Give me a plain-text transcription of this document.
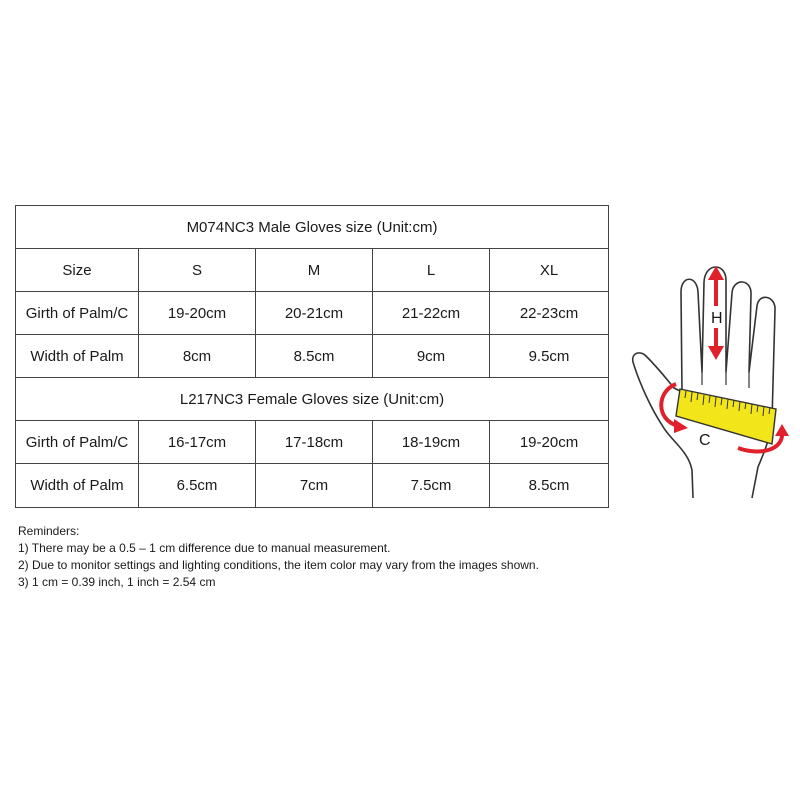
M074NC3 Male Gloves size (Unit:cm)				
Size	S	M	L	XL
Girth of Palm/C	19-20cm	20-21cm	21-22cm	22-23cm
Width of Palm	8cm	8.5cm	9cm	9.5cm
L217NC3 Female Gloves size (Unit:cm)				
Girth of Palm/C	16-17cm	17-18cm	18-19cm	19-20cm
Width of Palm	6.5cm	7cm	7.5cm	8.5cm
Reminders:
1) There may be a 0.5 – 1 cm difference due to manual measurement.
2) Due to monitor settings and lighting conditions, the item color may vary from the images shown.
3) 1 cm = 0.39 inch, 1 inch = 2.54 cm
H
C
